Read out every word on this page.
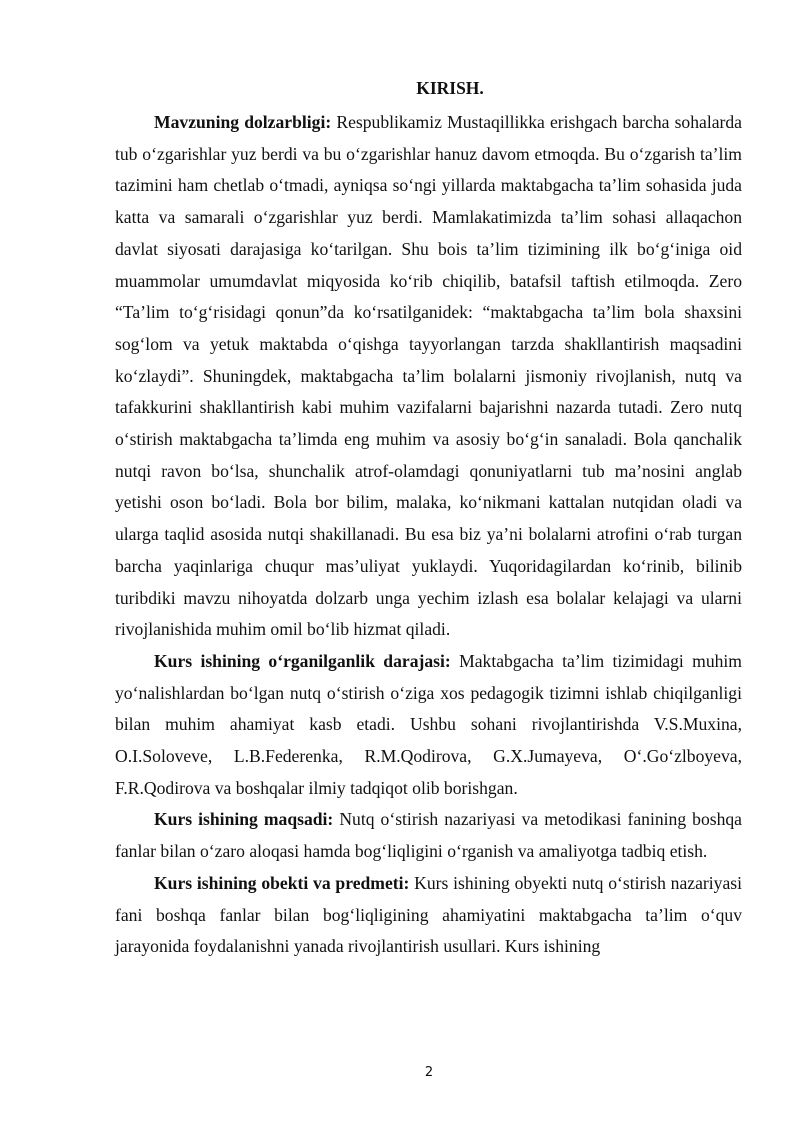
KIRISH.

Mavzuning dolzarbligi: Respublikamiz Mustaqillikka erishgach barcha sohalarda tub o‘zgarishlar yuz berdi va bu o‘zgarishlar hanuz davom etmoqda. Bu o‘zgarish ta’lim tazimini ham chetlab o‘tmadi, ayniqsa so‘ngi yillarda maktabgacha ta’lim sohasida juda katta va samarali o‘zgarishlar yuz berdi. Mamlakatimizda ta’lim sohasi allaqachon davlat siyosati darajasiga ko‘tarilgan. Shu bois ta’lim tizimining ilk bo‘g‘iniga oid muammolar umumdavlat miqyosida ko‘rib chiqilib, batafsil taftish etilmoqda. Zero “Ta’lim to‘g‘risidagi qonun”da ko‘rsatilganidek: “maktabgacha ta’lim bola shaxsini sog‘lom va yetuk maktabda o‘qishga tayyorlangan tarzda shakllantirish maqsadini ko‘zlaydi”. Shuningdek, maktabgacha ta’lim bolalarni jismoniy rivojlanish, nutq va tafakkurini shakllantirish kabi muhim vazifalarni bajarishni nazarda tutadi. Zero nutq o‘stirish maktabgacha ta’limda eng muhim va asosiy bo‘g‘in sanaladi. Bola qanchalik nutqi ravon bo‘lsa, shunchalik atrof-olamdagi qonuniyatlarni tub ma’nosini anglab yetishi oson bo‘ladi. Bola bor bilim, malaka, ko‘nikmani kattalan nutqidan oladi va ularga taqlid asosida nutqi shakillanadi. Bu esa biz ya’ni bolalarni atrofini o‘rab turgan barcha yaqinlariga chuqur mas’uliyat yuklaydi. Yuqoridagilardan ko‘rinib, bilinib turibdiki mavzu nihoyatda dolzarb unga yechim izlash esa bolalar kelajagi va ularni rivojlanishida muhim omil bo‘lib hizmat qiladi.

Kurs ishining o‘rganilganlik darajasi: Maktabgacha ta’lim tizimidagi muhim yo‘nalishlardan bo‘lgan nutq o‘stirish o‘ziga xos pedagogik tizimni ishlab chiqilganligi bilan muhim ahamiyat kasb etadi. Ushbu sohani rivojlantirishda V.S.Muxina, O.I.Soloveve, L.B.Federenka, R.M.Qodirova, G.X.Jumayeva, O‘.Go‘zlboyeva, F.R.Qodirova va boshqalar ilmiy tadqiqot olib borishgan.

Kurs ishining maqsadi: Nutq o‘stirish nazariyasi va metodikasi fanining boshqa fanlar bilan o‘zaro aloqasi hamda bog‘liqligini o‘rganish va amaliyotga tadbiq etish.

Kurs ishining obekti va predmeti: Kurs ishining obyekti nutq o‘stirish nazariyasi fani boshqa fanlar bilan bog‘liqligining ahamiyatini maktabgacha ta’lim o‘quv jarayonida foydalanishni yanada rivojlantirish usullari. Kurs ishining

2
